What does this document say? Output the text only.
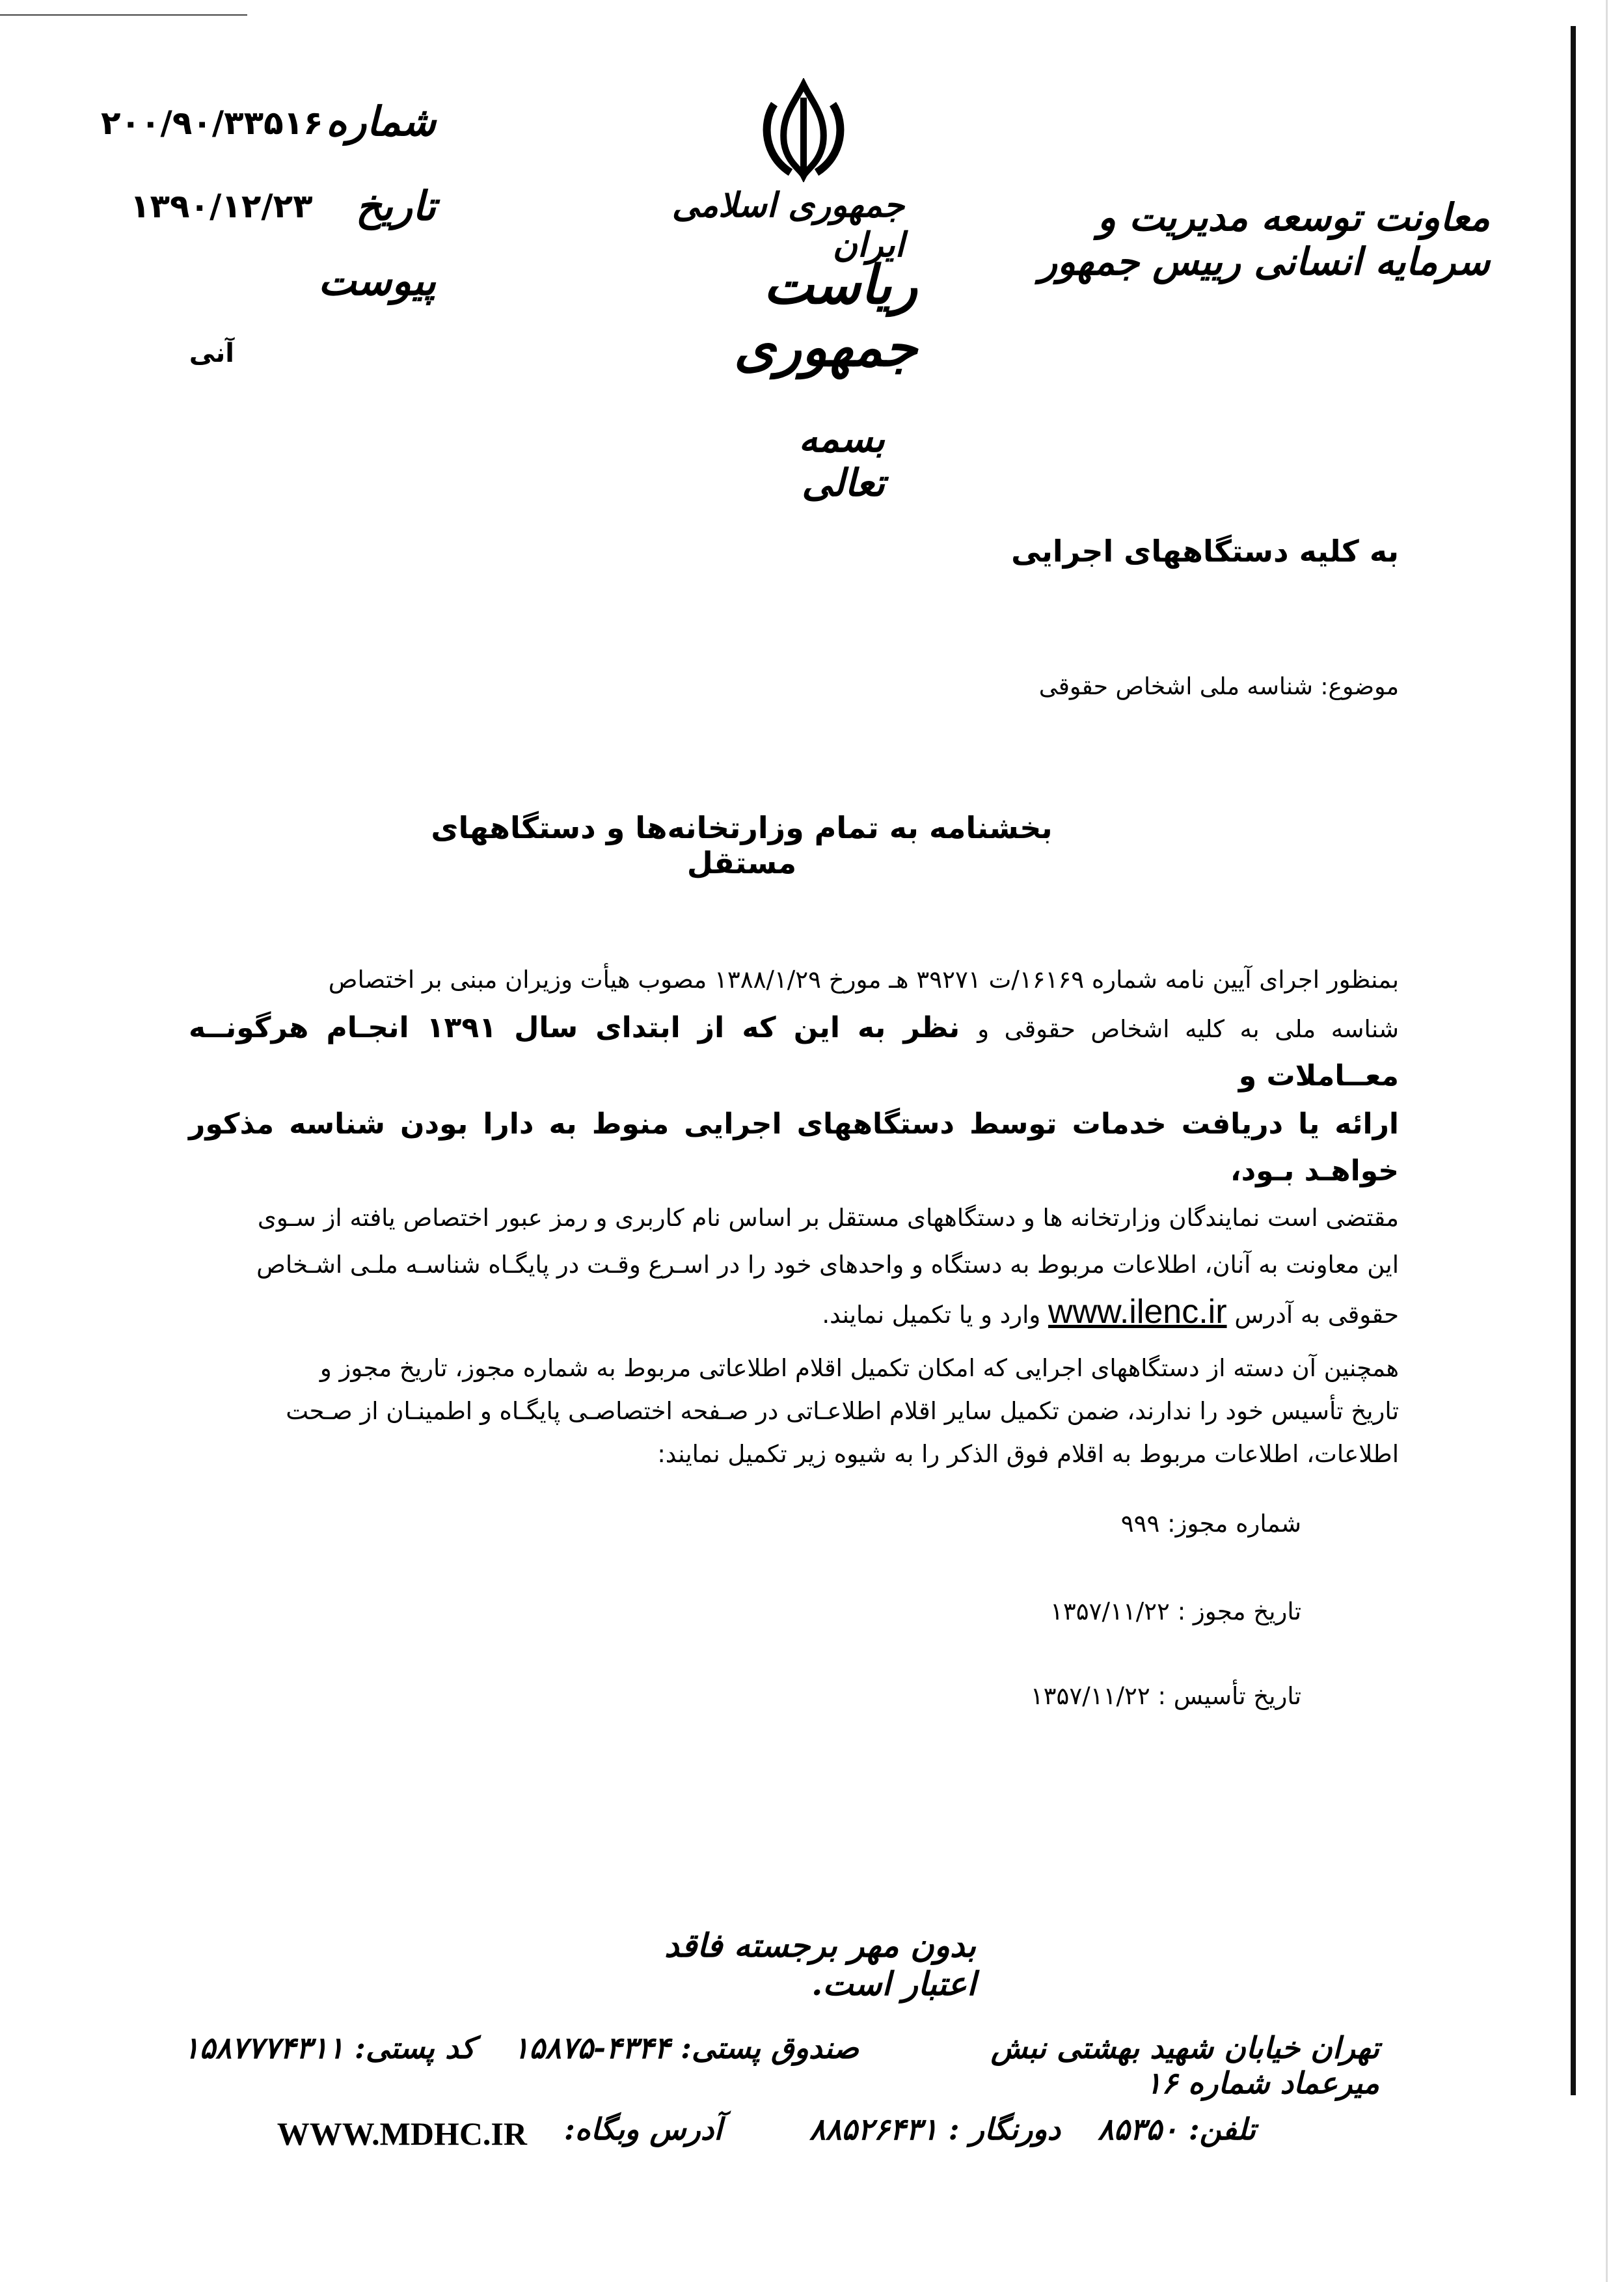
معاونت توسعه مدیریت و سرمایه انسانی رییس جمهور
جمهوری اسلامی ایران
ریاست جمهوری
شماره
۲۰۰/۹۰/۳۳۵۱۶
تاریخ
۱۳۹۰/۱۲/۲۳
پیوست
آنی
بسمه تعالی
به کلیه دستگاههای اجرایی
موضوع: شناسه ملی اشخاص حقوقی
بخشنامه به تمام وزارتخانه‌ها و دستگاههای مستقل
بمنظور اجرای آیین نامه شماره ۱۶۱۶۹/ت ۳۹۲۷۱ هـ مورخ ۱۳۸۸/۱/۲۹ مصوب هیأت وزیران مبنی بر اختصاص
شناسه ملی به کلیه اشخاص حقوقی و نظر به این که از ابتدای سال ۱۳۹۱ انجـام هرگونــه معــاملات و
ارائه یا دریافت خدمات توسط دستگاههای اجرایی منوط به دارا بودن شناسه مذکور خواهـد بـود،
مقتضی است نمایندگان وزارتخانه ها و دستگاههای مستقل بر اساس نام کاربری و رمز عبور اختصاص یافته از سـوی
این معاونت به آنان، اطلاعات مربوط به دستگاه و واحدهای خود را در اسـرع وقـت در پایگـاه شناسـه ملـی اشـخاص
حقوقی به آدرس www.ilenc.ir وارد و یا تکمیل نمایند.
همچنین آن دسته از دستگاههای اجرایی که امکان تکمیل اقلام اطلاعاتی مربوط به شماره مجوز، تاریخ مجوز و
تاریخ تأسیس خود را ندارند، ضمن تکمیل سایر اقلام اطلاعـاتی در صـفحه اختصاصـی پایگـاه و اطمینـان از صـحت
اطلاعات، اطلاعات مربوط به اقلام فوق الذکر را به شیوه زیر تکمیل نمایند:
شماره مجوز: ۹۹۹
تاریخ مجوز : ۱۳۵۷/۱۱/۲۲
تاریخ تأسیس : ۱۳۵۷/۱۱/۲۲
بدون مهر برجسته فاقد اعتبار است.
تهران خیابان شهید بهشتی نبش میرعماد شماره ۱۶
صندوق پستی: ۴۳۴۴-۱۵۸۷۵
کد پستی: ۱۵۸۷۷۷۴۳۱۱
تلفن: ۸۵۳۵۰
دورنگار : ۸۸۵۲۶۴۳۱
آدرس وبگاه:
WWW.MDHC.IR
